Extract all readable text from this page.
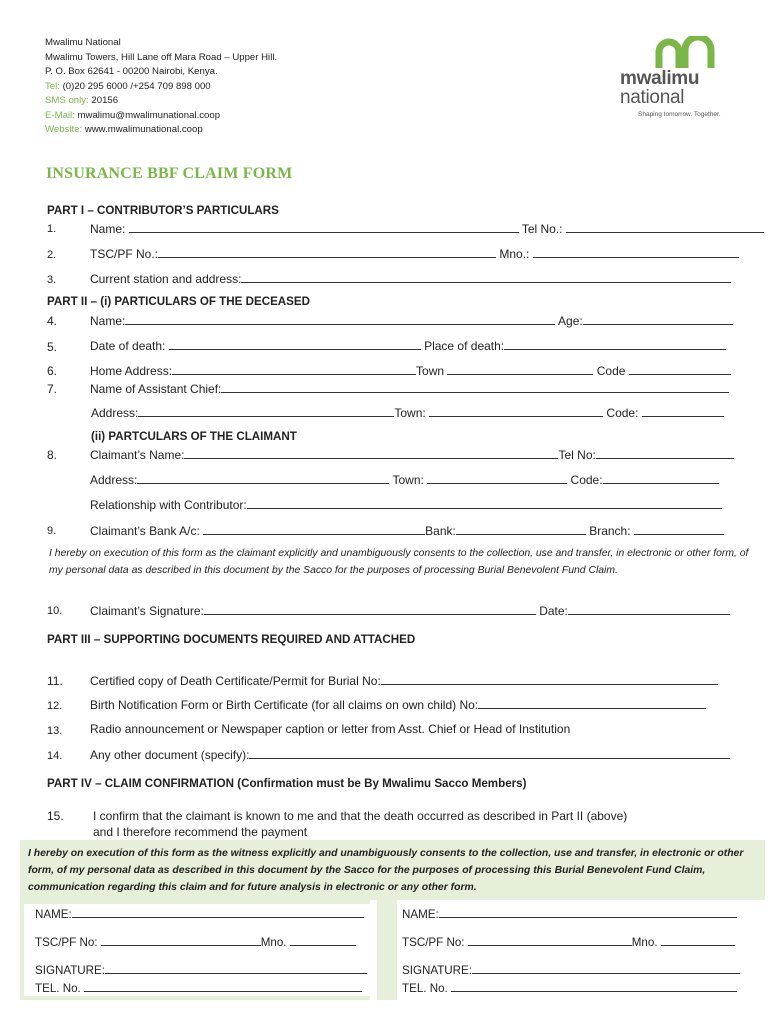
Mwalimu National
Mwalimu Towers, Hill Lane off Mara Road – Upper Hill.
P. O. Box 62641 - 00200 Nairobi, Kenya.
Tel: (0)20 295 6000 /+254 709 898 000
SMS only: 20156
E-Mail: mwalimu@mwalimunational.coop
Website: www.mwalimunational.coop
mwalimu
national
Shaping tomorrow. Together.
INSURANCE BBF CLAIM FORM
PART I – CONTRIBUTOR’S PARTICULARS
1.	Name:	Tel No.:
2.	TSC/PF No.:	Mno.:
3.	Current station and address:
PART II – (i) PARTICULARS OF THE DECEASED
4.	Name:	Age:
5.	Date of death:	Place of death:
6.	Home Address:	Town	Code
7.	Name of Assistant Chief:
Address:	Town:	Code:
(ii) PARTCULARS OF THE CLAIMANT
8.	Claimant’s Name:	Tel No:
Address:	Town:	Code:
Relationship with Contributor:
9.	Claimant’s Bank A/c:	Bank:	Branch:
I hereby on execution of this form as the claimant explicitly and unambiguously consents to the collection, use and transfer, in electronic or other form, of my personal data as described in this document by the Sacco for the purposes of processing Burial Benevolent Fund Claim.
10. Claimant’s Signature:	Date:
PART III – SUPPORTING DOCUMENTS REQUIRED AND ATTACHED
11. Certified copy of Death Certificate/Permit for Burial No:
12. Birth Notification Form or Birth Certificate (for all claims on own child) No:
13. Radio announcement or Newspaper caption or letter from Asst. Chief or Head of Institution
14. Any other document (specify):
PART IV – CLAIM CONFIRMATION (Confirmation must be By Mwalimu Sacco Members)
15. I confirm that the claimant is known to me and that the death occurred as described in Part II (above)
and I therefore recommend the payment
I hereby on execution of this form as the witness explicitly and unambiguously consents to the collection, use and transfer, in electronic or other form, of my personal data as described in this document by the Sacco for the purposes of processing this Burial Benevolent Fund Claim, communication regarding this claim and for future analysis in electronic or any other form.
NAME:
TSC/PF No:	Mno.
SIGNATURE:
TEL. No.
NAME:
TSC/PF No:	Mno.
SIGNATURE:
TEL. No.
